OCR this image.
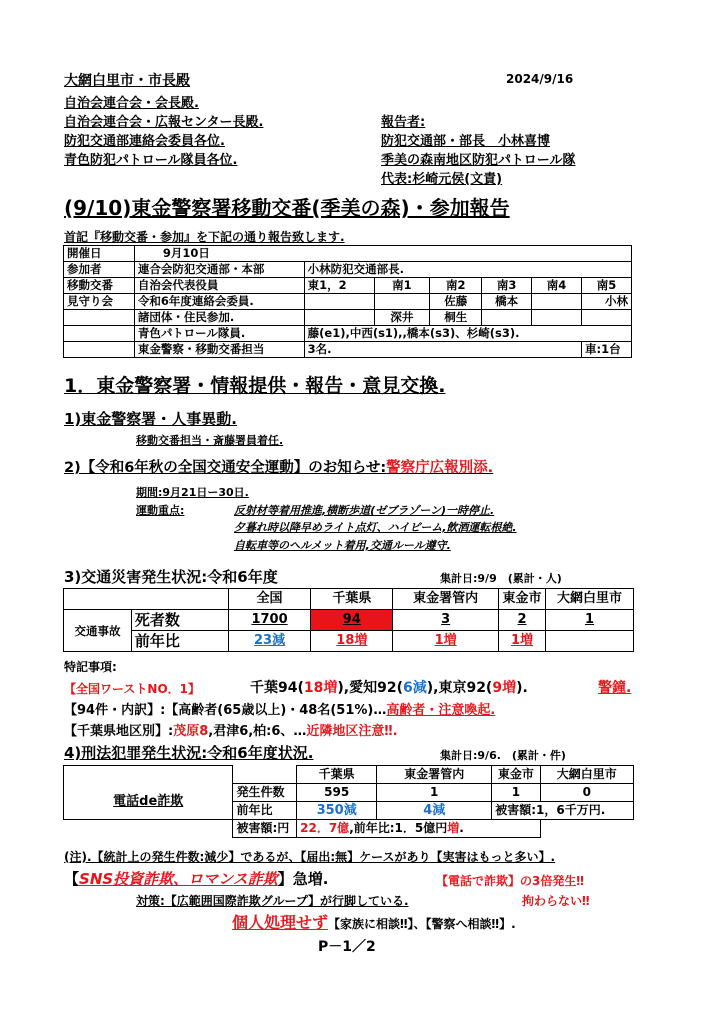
大網白里市・市長殿	2024/9/16
自治会連合会・会長殿.
自治会連合会・広報センター長殿.
防犯交通部連絡会委員各位.
青色防犯パトロール隊員各位.
報告者:
防犯交通部・部長　小林喜博
季美の森南地区防犯パトロール隊
代表:杉崎元侯(文責)
(9/10)東金警察署移動交番(季美の森)・参加報告
首記『移動交番・参加』を下記の通り報告致します.
開催日	9月10日						
参加者	連合会防犯交通部・本部	小林防犯交通部長.					
移動交番	自治会代表役員	東1，2	南1	南2	南3	南4	南5
見守り会	令和6年度連絡会委員.			佐藤	橋本		小林
	諸団体・住民参加.		深井	桐生			
	青色パトロール隊員.	藤(e1),中西(s1),,橋本(s3)、杉崎(s3).					
	東金警察・移動交番担当	3名.					車:1台
1．東金警察署・情報提供・報告・意見交換.
1)東金警察署・人事異動.
移動交番担当・斎藤署員着任.
2)【令和6年秋の全国交通安全運動】のお知らせ:警察庁広報別添.
期間:9月21日ー30日.
運動重点:	反射材等着用推進,横断歩道(ゼブラゾーン)一時停止.
夕暮れ時以降早めライト点灯、ハイビーム,飲酒運転根絶.
自転車等のヘルメット着用,交通ルール遵守.
3)交通災害発生状況:令和6年度	集計日:9/9　(累計・人)
		全国	千葉県	東金署管内	東金市	大網白里市
交通事故	死者数	1700	94	3	2	1
	前年比	23減	18増	1増	1増	
特記事項:
【全国ワーストNO．1】	千葉94(18増),愛知92(6減),東京92(9増).	警鐘.
【94件・内訳】:【高齢者(65歳以上)・48名(51%)…高齢者・注意喚起.
【千葉県地区別】:茂原8,君津6,柏:6、…近隣地区注意‼.
4)刑法犯罪発生状況:令和6年度状況.	集計日:9/6.　(累計・件)
		千葉県	東金署管内	東金市	大網白里市
電話de詐欺	発生件数	595	1	1	0
	前年比	350減	4減	被害額:1，6千万円.	
	被害額:円	22．7億,前年比:1．5億円増.			
(注).【統計上の発生件数:減少】であるが、【届出:無】ケースがあり【実害はもっと多い】.
【SNS投資詐欺、ロマンス詐欺】急増.	【電話で詐欺】の3倍発生‼
対策:【広範囲国際詐欺グループ】が行脚している.	拘わらない‼
個人処理せず【家族に相談‼】、【警察へ相談‼】.
P－1／2
